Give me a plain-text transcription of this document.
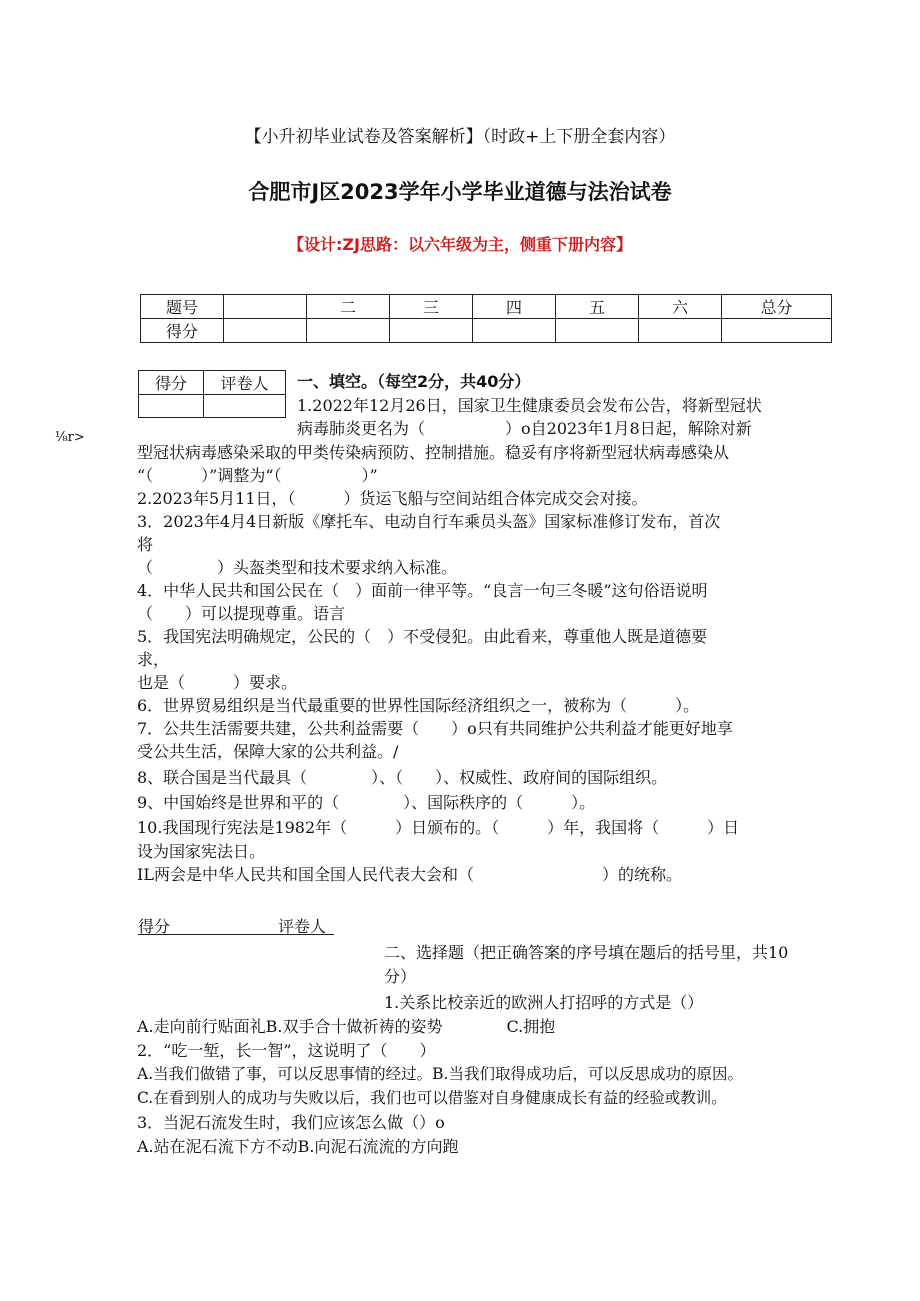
【小升初毕业试卷及答案解析】（时政+上下册全套内容）
合肥市J区2023学年小学毕业道德与法治试卷
【设计:ZJ思路：以六年级为主，侧重下册内容】
题号		二	三	四	五	六	总分
得分							
得分	评卷人
	一、填空。（每空2分，共40分）
⅛r>
1.2022年12月26日，国家卫生健康委员会发布公告，将新型冠状
病毒肺炎更名为（　　　　　）o自2023年1月8日起，解除对新
型冠状病毒感染采取的甲类传染病预防、控制措施。稳妥有序将新型冠状病毒感染从
“（　　　）”调整为“（　　　　　）”
2.2023年5月11日，（　　　）货运飞船与空间站组合体完成交会对接。
3．2023年4月4日新版《摩托车、电动自行车乘员头盔》国家标准修订发布，首次
将
（　　　　）头盔类型和技术要求纳入标准。
4．中华人民共和国公民在（　）面前一律平等。“良言一句三冬暖”这句俗语说明
（　　）可以提现尊重。语言
5．我国宪法明确规定，公民的（　）不受侵犯。由此看来，尊重他人既是道德要
求，
也是（　　　）要求。
6．世界贸易组织是当代最重要的世界性国际经济组织之一，被称为（　　　）。
7．公共生活需要共建，公共利益需要（　　）o只有共同维护公共利益才能更好地享
受公共生活，保障大家的公共利益。/
8、联合国是当代最具（　　　　）、（　　）、权威性、政府间的国际组织。
9、中国始终是世界和平的（　　　　）、国际秩序的（　　　）。
10.我国现行宪法是1982年（　　　）日颁布的。（　　　）年，我国将（　　　）日
设为国家宪法日。
IL两会是中华人民共和国全国人民代表大会和（　　　　　　　　）的统称。
得分	评卷人
二、选择题（把正确答案的序号填在题后的括号里，共10
分）
1.关系比校亲近的欧洲人打招呼的方式是（）
A.走向前行贴面礼B.双手合十做祈祷的姿势　　　　C.拥抱
2．“吃一堑，长一智”，这说明了（　　）
A.当我们做错了事，可以反思事情的经过。B.当我们取得成功后，可以反思成功的原因。
C.在看到别人的成功与失败以后，我们也可以借鉴对自身健康成长有益的经验或教训。
3．当泥石流发生时，我们应该怎么做（）o
A.站在泥石流下方不动B.向泥石流流的方向跑
